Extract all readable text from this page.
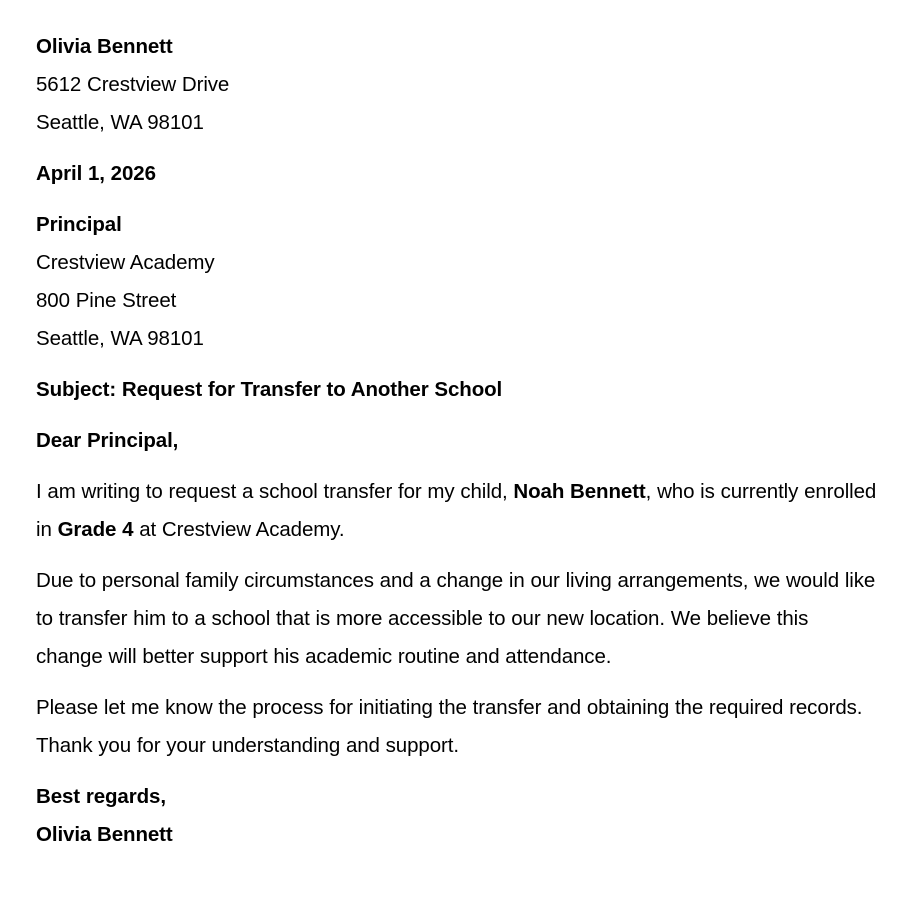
Olivia Bennett
5612 Crestview Drive
Seattle, WA 98101
April 1, 2026
Principal
Crestview Academy
800 Pine Street
Seattle, WA 98101
Subject: Request for Transfer to Another School
Dear Principal,
I am writing to request a school transfer for my child, Noah Bennett, who is currently enrolled in Grade 4 at Crestview Academy.
Due to personal family circumstances and a change in our living arrangements, we would like to transfer him to a school that is more accessible to our new location. We believe this change will better support his academic routine and attendance.
Please let me know the process for initiating the transfer and obtaining the required records. Thank you for your understanding and support.
Best regards,
Olivia Bennett
